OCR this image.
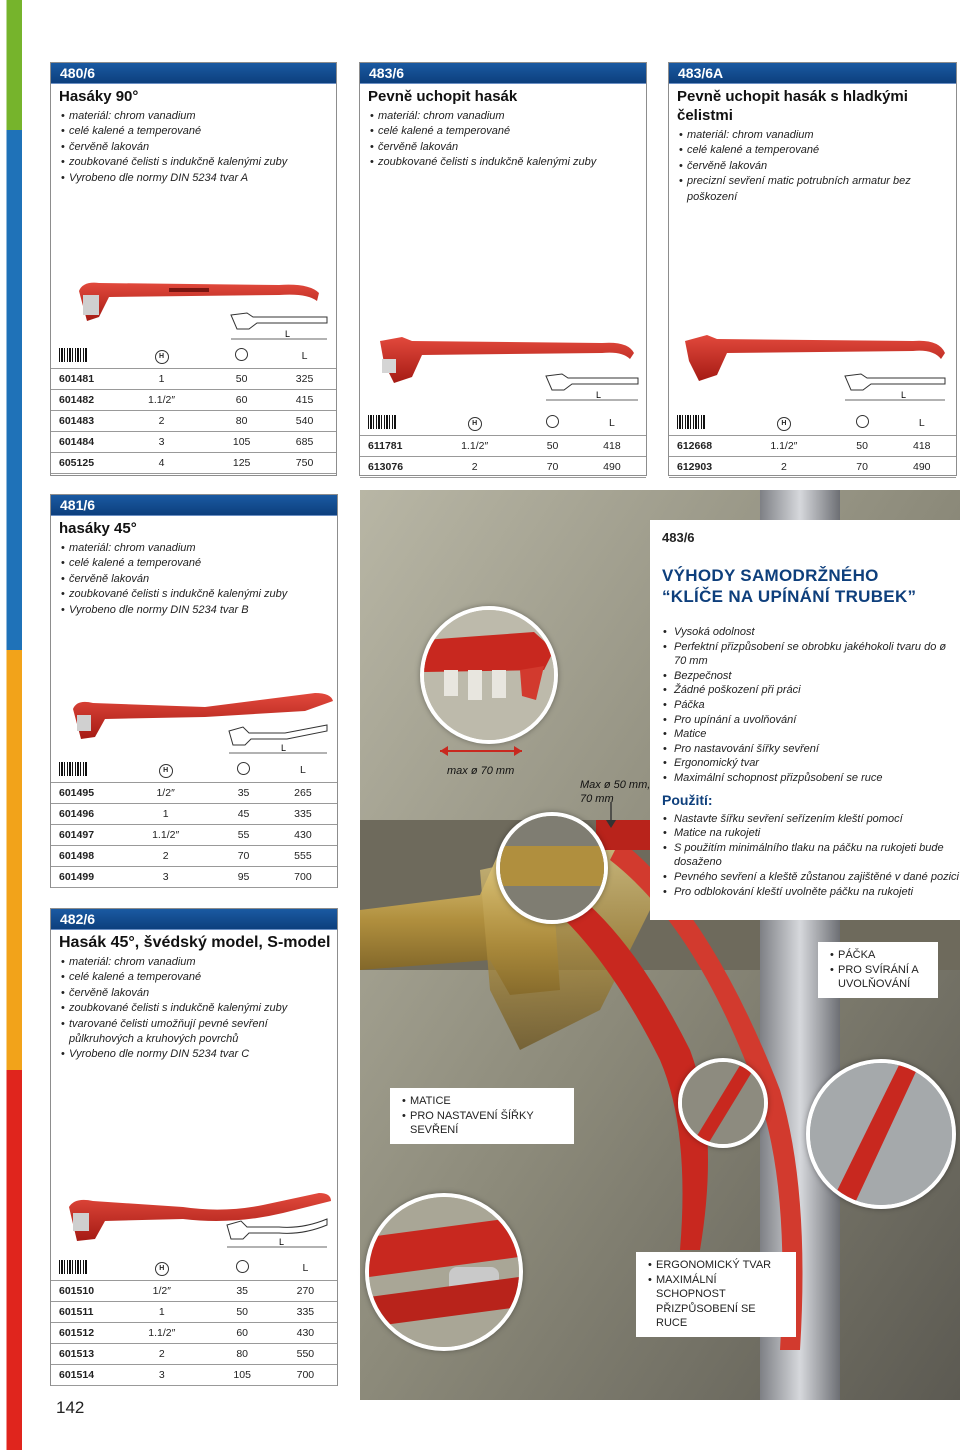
480/6
Hasáky 90°
• materiál: chrom vanadium
• celé kalené a temperované
• červěně lakován
• zoubkované čelisti s indukčně kalenými zuby
• Vyrobeno dle normy DIN 5234 tvar A
L
	H		L
601481	1	50	325
601482	1.1/2″	60	415
601483	2	80	540
601484	3	105	685
605125	4	125	750
483/6
Pevně uchopit hasák
• materiál: chrom vanadium
• celé kalené a temperované
• červěně lakován
• zoubkované čelisti s indukčně kalenými zuby
L
	H		L
611781	1.1/2″	50	418
613076	2	70	490
483/6A
Pevně uchopit hasák s hladkými čelistmi
• materiál: chrom vanadium
• celé kalené a temperované
• červěně lakován
• precizní sevření matic potrubních armatur bez poškození
L
	H		L
612668	1.1/2″	50	418
612903	2	70	490
481/6
hasáky 45°
• materiál: chrom vanadium
• celé kalené a temperované
• červěně lakován
• zoubkované čelisti s indukčně kalenými zuby
• Vyrobeno dle normy DIN 5234 tvar B
L
	H		L
601495	1/2″	35	265
601496	1	45	335
601497	1.1/2″	55	430
601498	2	70	555
601499	3	95	700
482/6
Hasák 45°, švédský model, S-model
• materiál: chrom vanadium
• celé kalené a temperované
• červěně lakován
• zoubkované čelisti s indukčně kalenými zuby
• tvarované čelisti umožňují pevné sevření půlkruhových a kruhových povrchů
• Vyrobeno dle normy DIN 5234 tvar C
L
	H		L
601510	1/2″	35	270
601511	1	50	335
601512	1.1/2″	60	430
601513	2	80	550
601514	3	105	700
max ø 70 mm
Max ø 50 mm,
70 mm
483/6
VÝHODY SAMODRŽNÉHO
“KLÍČE NA UPÍNÁNÍ TRUBEK”
• Vysoká odolnost
• Perfektní přizpůsobení se obrobku jakéhokoli tvaru do ø 70 mm
• Bezpečnost
• Žádné poškození při práci
• Páčka
• Pro upínání a uvolňování
• Matice
• Pro nastavování šířky sevření
• Ergonomický tvar
• Maximální schopnost přizpůsobení se ruce
Použití:
• Nastavte šířku sevření seřízením kleští pomocí
• Matice na rukojeti
• S použitím minimálního tlaku na páčku na rukojeti bude dosaženo
• Pevného sevření a kleště zůstanou zajištěné v dané pozici
• Pro odblokování kleští uvolněte páčku na rukojeti
• PÁČKA
• PRO SVÍRÁNÍ A UVOLŇOVÁNÍ
• MATICE
• PRO NASTAVENÍ ŠÍŘKY SEVŘENÍ
• ERGONOMICKÝ TVAR
• MAXIMÁLNÍ SCHOPNOST PŘIZPŮSOBENÍ SE RUCE
142
